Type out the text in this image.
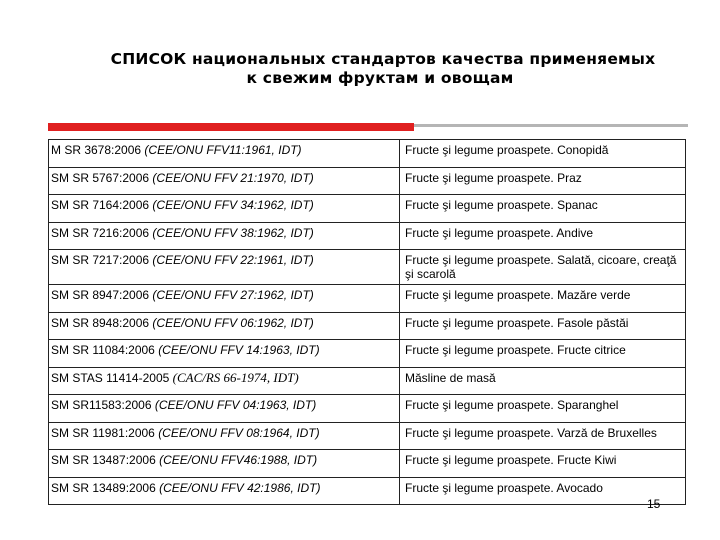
СПИСОК национальных стандартов качества применяемых
к свежим фруктам и овощам
M SR 3678:2006 (CEE/ONU FFV11:1961, IDT)	Fructe şi legume proaspete. Conopidă
SM SR 5767:2006 (CEE/ONU FFV 21:1970, IDT)	Fructe şi legume proaspete. Praz
SM SR 7164:2006 (CEE/ONU FFV 34:1962, IDT)	Fructe şi legume proaspete. Spanac
SM SR 7216:2006 (CEE/ONU FFV 38:1962, IDT)	Fructe şi legume proaspete. Andive
SM SR 7217:2006 (CEE/ONU FFV 22:1961, IDT)	Fructe şi legume proaspete. Salată, cicoare, creaţă şi scarolă
SM SR 8947:2006 (CEE/ONU FFV 27:1962, IDT)	Fructe şi legume proaspete. Mazăre verde
SM SR 8948:2006 (CEE/ONU FFV 06:1962, IDT)	Fructe şi legume proaspete. Fasole păstăi
SM SR 11084:2006 (CEE/ONU FFV 14:1963, IDT)	Fructe şi legume proaspete. Fructe citrice
SM STAS 11414-2005 (CAC/RS 66-1974, IDT)	Măsline de masă
SM SR11583:2006 (CEE/ONU FFV 04:1963, IDT)	Fructe şi legume proaspete. Sparanghel
SM SR 11981:2006 (CEE/ONU FFV 08:1964, IDT)	Fructe şi legume proaspete. Varză de Bruxelles
SM SR 13487:2006 (CEE/ONU FFV46:1988, IDT)	Fructe şi legume proaspete. Fructe Kiwi
SM SR 13489:2006 (CEE/ONU FFV 42:1986, IDT)	Fructe şi legume proaspete. Avocado
15
